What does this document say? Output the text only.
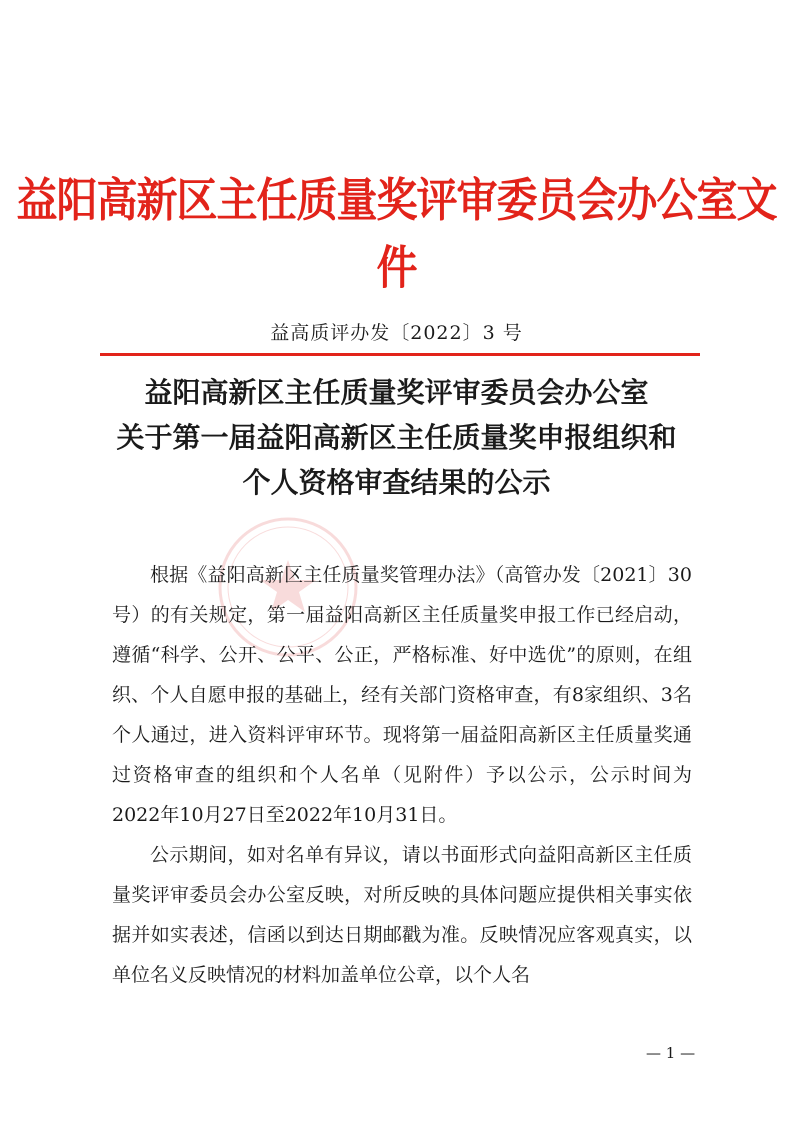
益阳高新区主任质量奖评审委员会办公室文件
益高质评办发〔2022〕3 号
益阳高新区主任质量奖评审委员会办公室
关于第一届益阳高新区主任质量奖申报组织和
个人资格审查结果的公示

根据《益阳高新区主任质量奖管理办法》（高管办发〔2021〕30号）的有关规定，第一届益阳高新区主任质量奖申报工作已经启动，遵循“科学、公开、公平、公正，严格标准、好中选优”的原则，在组织、个人自愿申报的基础上，经有关部门资格审查，有8家组织、3名个人通过，进入资料评审环节。现将第一届益阳高新区主任质量奖通过资格审查的组织和个人名单（见附件）予以公示，公示时间为2022年10月27日至2022年10月31日。

公示期间，如对名单有异议，请以书面形式向益阳高新区主任质量奖评审委员会办公室反映，对所反映的具体问题应提供相关事实依据并如实表述，信函以到达日期邮戳为准。反映情况应客观真实，以单位名义反映情况的材料加盖单位公章，以个人名

— 1 —
